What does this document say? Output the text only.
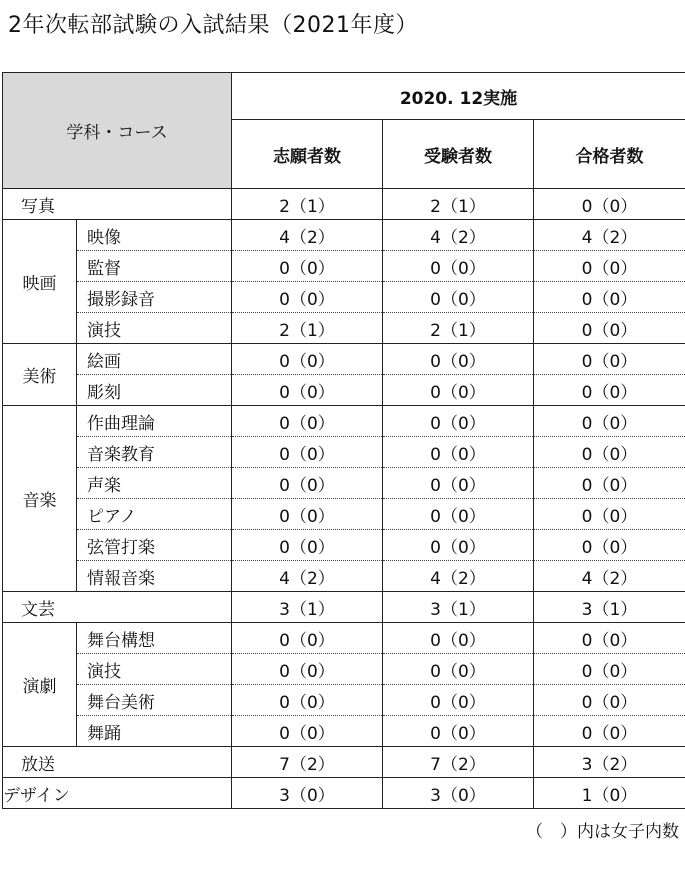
2年次転部試験の入試結果（2021年度）
学科・コース		2020. 12実施		
		志願者数	受験者数	合格者数
写真		2（1）	2（1）	0（0）
映画	映像	4（2）	4（2）	4（2）
	監督	0（0）	0（0）	0（0）
	撮影録音	0（0）	0（0）	0（0）
	演技	2（1）	2（1）	0（0）
美術	絵画	0（0）	0（0）	0（0）
	彫刻	0（0）	0（0）	0（0）
音楽	作曲理論	0（0）	0（0）	0（0）
	音楽教育	0（0）	0（0）	0（0）
	声楽	0（0）	0（0）	0（0）
	ピアノ	0（0）	0（0）	0（0）
	弦管打楽	0（0）	0（0）	0（0）
	情報音楽	4（2）	4（2）	4（2）
文芸		3（1）	3（1）	3（1）
演劇	舞台構想	0（0）	0（0）	0（0）
	演技	0（0）	0（0）	0（0）
	舞台美術	0（0）	0（0）	0（0）
	舞踊	0（0）	0（0）	0（0）
放送		7（2）	7（2）	3（2）
デザイン		3（0）	3（0）	1（0）
（　）内は女子内数
